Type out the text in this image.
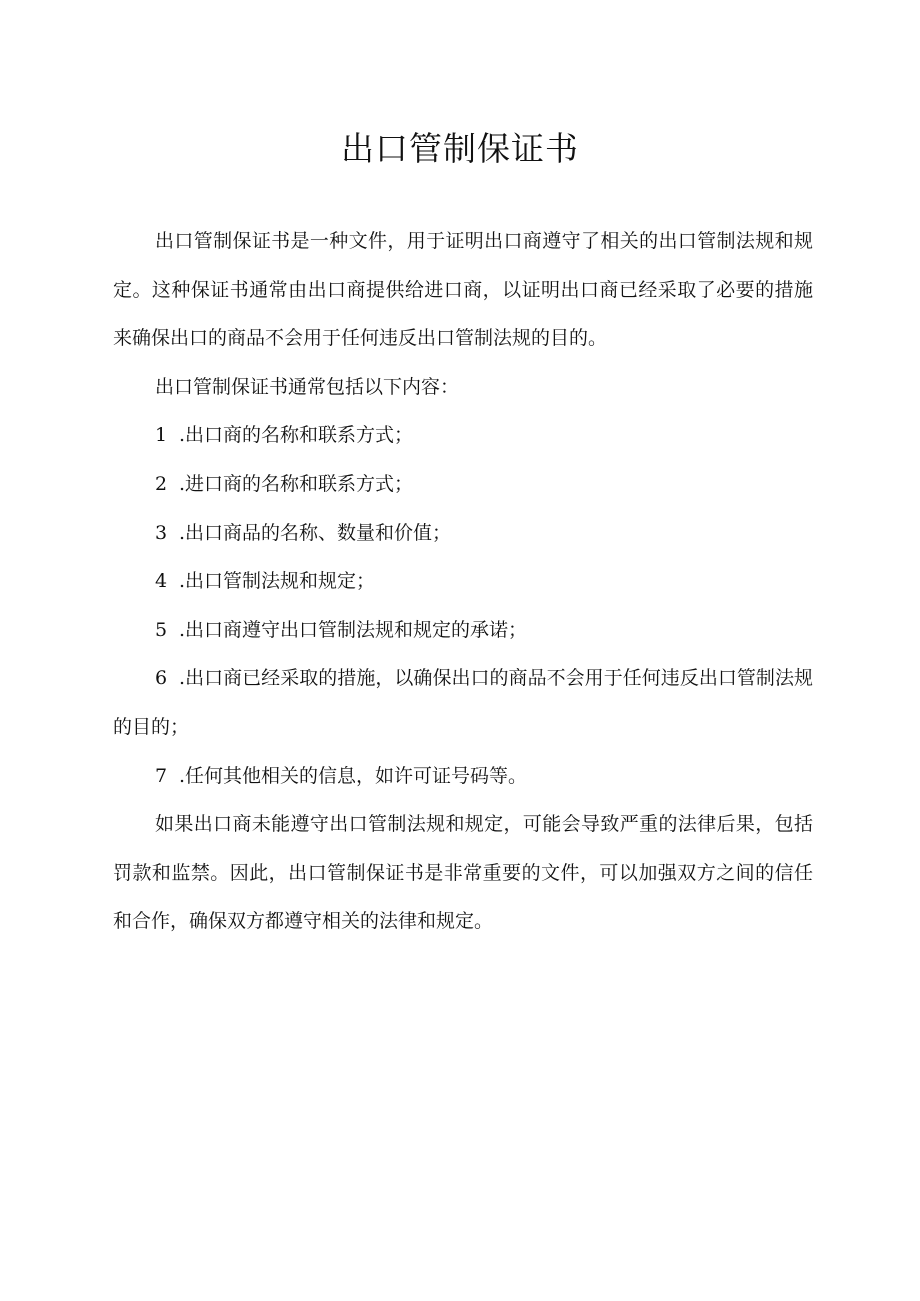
出口管制保证书

出口管制保证书是一种文件，用于证明出口商遵守了相关的出口管制法规和规定。这种保证书通常由出口商提供给进口商，以证明出口商已经采取了必要的措施来确保出口的商品不会用于任何违反出口管制法规的目的。

出口管制保证书通常包括以下内容：

1 .出口商的名称和联系方式；

2 .进口商的名称和联系方式；

3 .出口商品的名称、数量和价值；

4 .出口管制法规和规定；

5 .出口商遵守出口管制法规和规定的承诺；

6 .出口商已经采取的措施，以确保出口的商品不会用于任何违反出口管制法规的目的；

7 .任何其他相关的信息，如许可证号码等。

如果出口商未能遵守出口管制法规和规定，可能会导致严重的法律后果，包括罚款和监禁。因此，出口管制保证书是非常重要的文件，可以加强双方之间的信任和合作，确保双方都遵守相关的法律和规定。
